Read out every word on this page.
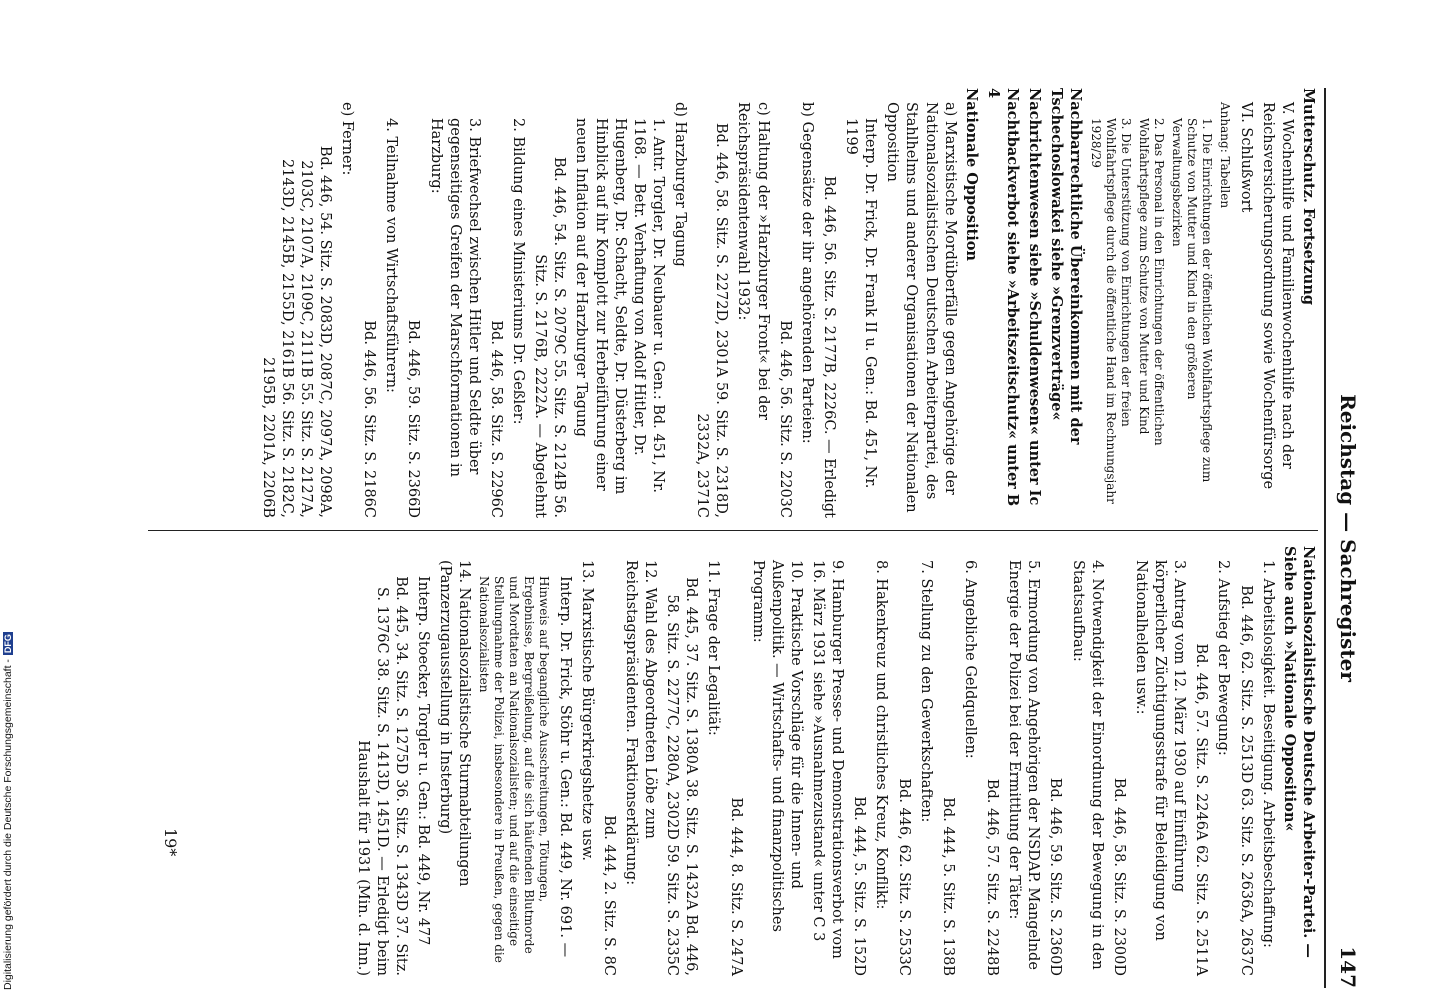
Reichstag — Sachregister
147
Mutterschutz. Fortsetzung
V. Wochenhilfe und Familienwochenhilfe nach der Reichsversicherungsordnung sowie Wochenfürsorge
VI. Schlußwort
Anhang: Tabellen
1. Die Einrichtungen der öffentlichen Wohlfahrtspflege zum Schutze von Mutter und Kind in den größeren Verwaltungsbezirken
2. Das Personal in den Einrichtungen der öffentlichen Wohlfahrtspflege zum Schutze von Mutter und Kind
3. Die Unterstützung von Einrichtungen der freien Wohlfahrtspflege durch die öffentliche Hand im Rechnungsjahr 1928/29
Nachbarrechtliche Übereinkommen mit der Tschechoslowakei siehe »Grenzverträge«
Nachrichtenwesen siehe »Schuldenwesen« unter Ic
Nachtbackverbot siehe »Arbeitszeitschutz« unter B 4
Nationale Opposition
a) Marxistische Mordüberfälle gegen Angehörige der Nationalsozialistischen Deutschen Arbeiterpartei, des Stahlhelms und anderer Organisationen der Nationalen Opposition
Interp. Dr. Frick, Dr. Frank II u. Gen.: Bd. 451, Nr. 1199
Bd. 446, 56. Sitz. S. 2177B, 2226C. — Erledigt
b) Gegensätze der ihr angehörenden Parteien:
Bd. 446, 56. Sitz. S. 2203C
c) Haltung der »Harzburger Front« bei der Reichspräsidentenwahl 1932:
Bd. 446, 58. Sitz. S. 2272D, 2301A 59. Sitz. S. 2318D, 2332A, 2371C
d) Harzburger Tagung
1. Antr. Torgler, Dr. Neubauer u. Gen.: Bd. 451, Nr. 1168. — Betr. Verhaftung von Adolf Hitler, Dr. Hugenberg, Dr. Schacht, Seldte, Dr. Düsterberg im Hinblick auf ihr Komplott zur Herbeiführung einer neuen Inflation auf der Harzburger Tagung
Bd. 446, 54. Sitz. S. 2079C 55. Sitz. S. 2124B 56. Sitz. S. 2176B, 2222A. — Abgelehnt
2. Bildung eines Ministeriums Dr. Geßler:
Bd. 446, 58. Sitz. S. 2296C
3. Briefwechsel zwischen Hitler und Seldte über gegenseitiges Greifen der Marschformationen in Harzburg:
Bd. 446, 59. Sitz. S. 2366D
4. Teilnahme von Wirtschaftsführern:
Bd. 446, 56. Sitz. S. 2186C
e) Ferner:
Bd. 446, 54. Sitz. S. 2083D, 2087C, 2097A, 2098A, 2103C, 2107A, 2109C, 2111B 55. Sitz. S. 2127A, 2143D, 2145B, 2155D, 2161B 56. Sitz. S. 2182C, 2195B, 2201A, 2206B
Nationalsozialistische Deutsche Arbeiter-Partei. — Siehe auch »Nationale Opposition«
1. Arbeitslosigkeit. Beseitigung. Arbeitsbeschaffung:
Bd. 446, 62. Sitz. S. 2513D 63. Sitz. S. 2636A, 2637C
2. Aufstieg der Bewegung:
Bd. 446, 57. Sitz. S. 2246A 62. Sitz. S. 2511A
3. Antrag vom 12. März 1930 auf Einführung körperlicher Züchtigungsstrafe für Beleidigung von Nationalhelden usw.:
Bd. 446, 58. Sitz. S. 2300D
4. Notwendigkeit der Einordnung der Bewegung in den Staatsaufbau:
Bd. 446, 59. Sitz. S. 2360D
5. Ermordung von Angehörigen der NSDAP. Mangelnde Energie der Polizei bei der Ermittlung der Täter:
Bd. 446, 57. Sitz. S. 2248B
6. Angebliche Geldquellen:
Bd. 444, 5. Sitz. S. 138B
7. Stellung zu den Gewerkschaften:
Bd. 446, 62. Sitz. S. 2533C
8. Hakenkreuz und christliches Kreuz, Konflikt:
Bd. 444, 5. Sitz. S. 152D
9. Hamburger Presse- und Demonstrationsverbot vom 16. März 1931 siehe »Ausnahmezustand« unter C 3
10. Praktische Vorschläge für die Innen- und Außenpolitik. — Wirtschafts- und finanzpolitisches Programm:
Bd. 444, 8. Sitz. S. 247A
11. Frage der Legalität:
Bd. 445, 37. Sitz. S. 1380A 38. Sitz. S. 1432A Bd. 446, 58. Sitz. S. 2277C, 2280A, 2302D 59. Sitz. S. 2335C
12. Wahl des Abgeordneten Löbe zum Reichstagspräsidenten. Fraktionserklärung:
Bd. 444, 2. Sitz. S. 8C
13. Marxistische Bürgerkriegshetze usw.
Interp. Dr. Frick, Stöhr u. Gen.: Bd. 449, Nr. 691. —
Hinweis auf begangliche Ausschreitungen, Tötungen, Ergebnisse, Bergreißelung, auf die sich häufenden Blutmorde und Mordtaten an Nationalsozialisten; und auf die einseitige Stellungnahme der Polizei, insbesondere in Preußen, gegen die Nationalsozialisten
14. Nationalsozialistische Sturmabteilungen (Panzerzugausstellung in Insterburg)
Interp. Stoecker, Torgler u. Gen.: Bd. 449, Nr. 477
Bd. 445, 34. Sitz. S. 1275D 36. Sitz. S. 1343D 37. Sitz. S. 1376C 38. Sitz. S. 1413D, 1451D. — Erledigt beim Haushalt für 1931 (Min. d. Inn.)
19*
Digitalisierung gefördert durch die Deutsche Forschungsgemeinschaft -DFG
